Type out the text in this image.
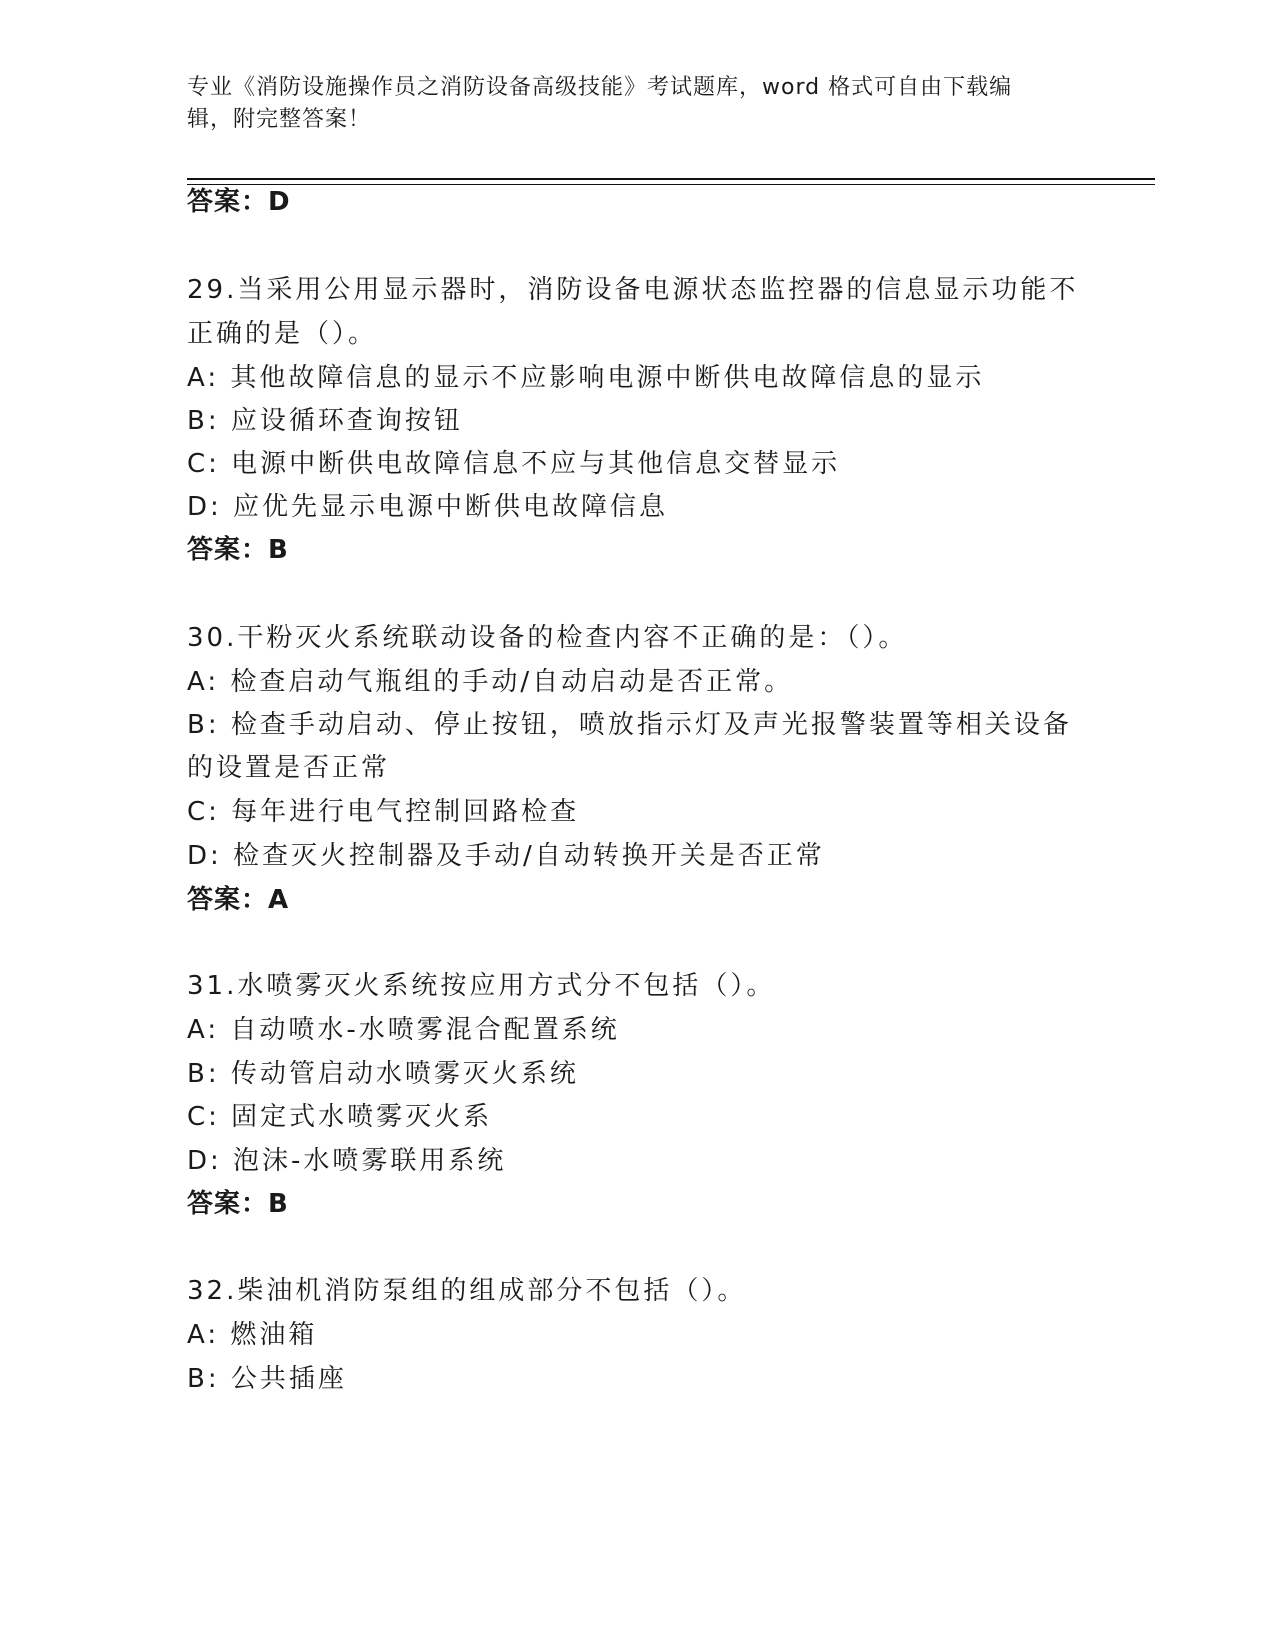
专业《消防设施操作员之消防设备高级技能》考试题库，word 格式可自由下载编
辑，附完整答案！
答案：D
29.当采用公用显示器时，消防设备电源状态监控器的信息显示功能不
正确的是（）。
A: 其他故障信息的显示不应影响电源中断供电故障信息的显示
B: 应设循环查询按钮
C: 电源中断供电故障信息不应与其他信息交替显示
D: 应优先显示电源中断供电故障信息
答案：B
30.干粉灭火系统联动设备的检查内容不正确的是：（）。
A: 检查启动气瓶组的手动/自动启动是否正常。
B: 检查手动启动、停止按钮，喷放指示灯及声光报警装置等相关设备
的设置是否正常
C: 每年进行电气控制回路检查
D: 检查灭火控制器及手动/自动转换开关是否正常
答案：A
31.水喷雾灭火系统按应用方式分不包括（）。
A: 自动喷水-水喷雾混合配置系统
B: 传动管启动水喷雾灭火系统
C: 固定式水喷雾灭火系
D: 泡沫-水喷雾联用系统
答案：B
32.柴油机消防泵组的组成部分不包括（）。
A: 燃油箱
B: 公共插座
